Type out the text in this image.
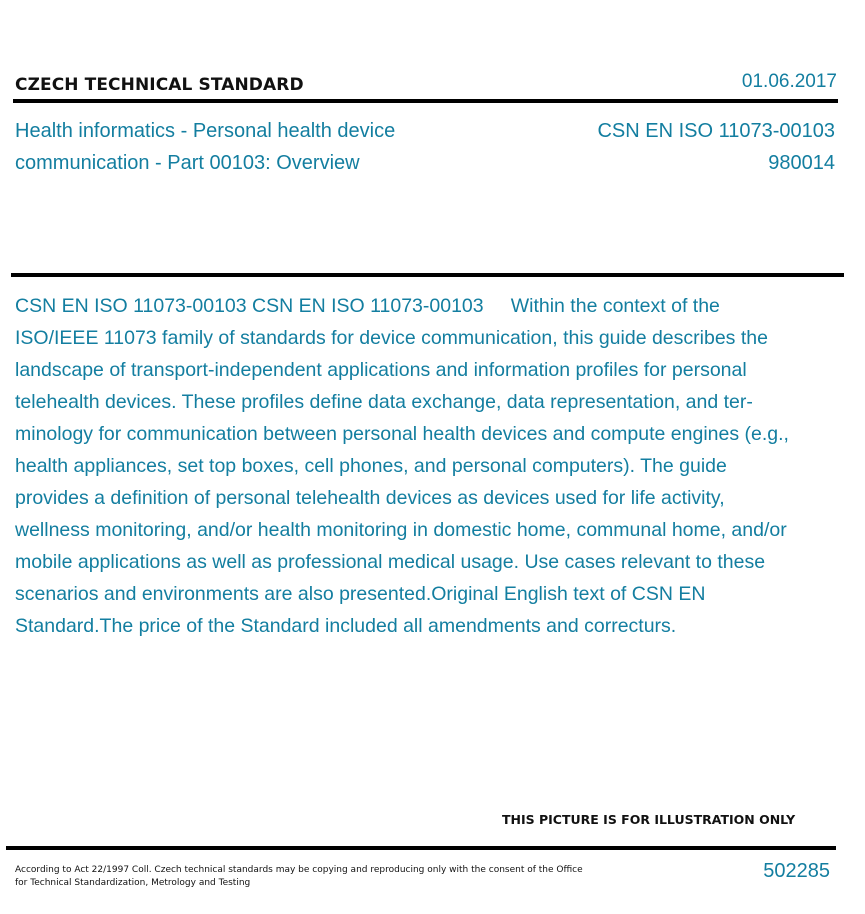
CZECH TECHNICAL STANDARD	01.06.2017
Health informatics - Personal health device
communication - Part 00103: Overview
CSN EN ISO 11073-00103
980014
CSN EN ISO 11073-00103 CSN EN ISO 11073-00103     Within the context of the ISO/IEEE 11073 family of standards for device communication, this guide describes the landscape of transport-independent applications and information profiles for personal telehealth devices. These profiles define data exchange, data representation, and ter-minology for communication between personal health devices and compute engines (e.g., health appliances, set top boxes, cell phones, and personal computers). The guide provides a definition of personal telehealth devices as devices used for life activity, wellness monitoring, and/or health monitoring in domestic home, communal home, and/or mobile applications as well as professional medical usage. Use cases relevant to these scenarios and environments are also presented.Original English text of CSN EN Standard.The price of the Standard included all amendments and correcturs.
THIS PICTURE IS FOR ILLUSTRATION ONLY
According to Act 22/1997 Coll. Czech technical standards may be copying and reproducing only with the consent of the Office
for Technical Standardization, Metrology and Testing
502285
